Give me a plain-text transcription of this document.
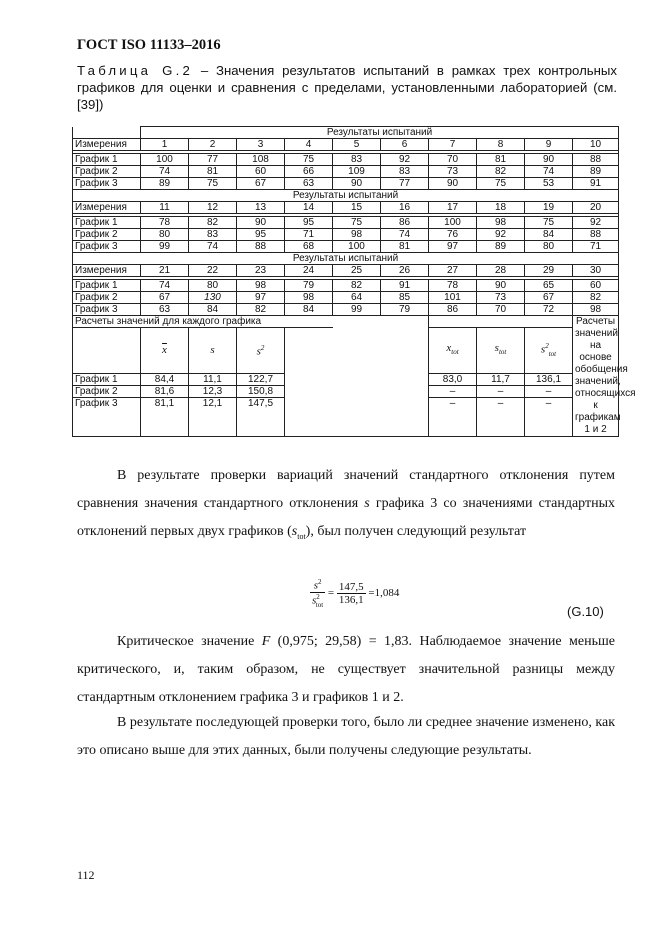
ГОСТ ISO 11133–2016
Таблица G.2 – Значения результатов испытаний в рамках трех контрольных графиков для оценки и сравнения с пределами, установленными лабораторией (см. [39])
	Результаты испытаний									
Измерения	1	2	3	4	5	6	7	8	9	10

График 1	100	77	108	75	83	92	70	81	90	88
График 2	74	81	60	66	109	83	73	82	74	89
График 3	89	75	67	63	90	77	90	75	53	91
Результаты испытаний										
Измерения	11	12	13	14	15	16	17	18	19	20

График 1	78	82	90	95	75	86	100	98	75	92
График 2	80	83	95	71	98	74	76	92	84	88
График 3	99	74	88	68	100	81	97	89	80	71
Результаты испытаний										
Измерения	21	22	23	24	25	26	27	28	29	30

График 1	74	80	98	79	82	91	78	90	65	60
График 2	67	130	97	98	64	85	101	73	67	82
График 3	63	84	82	84	99	79	86	70	72	98
Расчеты значений для каждого графика										Расчеты значений на основе обобщения значений, относящихся к графикам 1 и 2
	$\overline{x}$	s	$s^2$				$x_{tot}$	$s_{tot}$	$s^2_{tot}$
График 1	84,4	11,1	122,7				83,0	11,7	136,1	
График 2	81,6	12,3	150,8				–	–	–	
График 3	81,1	12,1	147,5				–	–	–	
В результате проверки вариаций значений стандартного отклонения путем сравнения значения стандартного отклонения s графика 3 со значениями стандартных отклонений первых двух графиков $(s_{tot})$, был получен следующий результат
$\frac{s^2}{s^2_{tot}} = \frac{147,5}{136,1} =1,084$
(G.10)
Критическое значение F (0,975; 29,58) = 1,83. Наблюдаемое значение меньше критического, и, таким образом, не существует значительной разницы между стандартным отклонением графика 3 и графиков 1 и 2.
В результате последующей проверки того, было ли среднее значение изменено, как это описано выше для этих данных, были получены следующие результаты.
112
